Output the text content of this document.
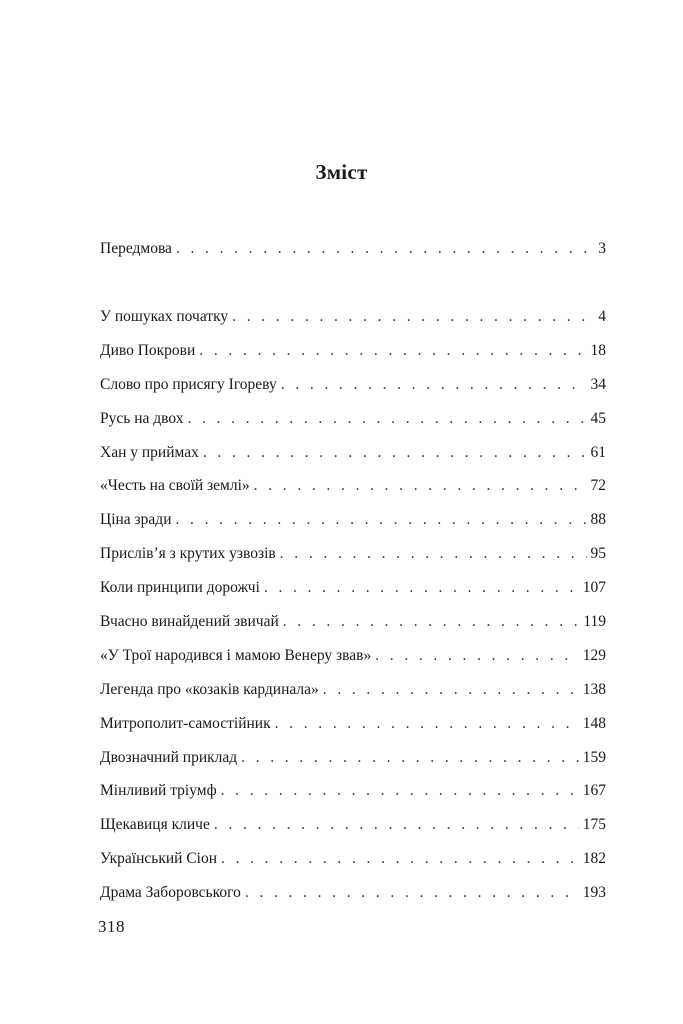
Зміст
Передмова . . .	3
У пошуках початку . . .	4
Диво Покрови . . .	18
Слово про присягу Ігореву . . .	34
Русь на двох . . .	45
Хан у приймах . . .	61
«Честь на своїй землі» . . .	72
Ціна зради . . .	88
Прислів’я з крутих узвозів . . .	95
Коли принципи дорожчі . . .	107
Вчасно винайдений звичай . . .	119
«У Трої народився і мамою Венеру звав» . . .	129
Легенда про «козаків кардинала» . . .	138
Митрополит-самостійник . . .	148
Двозначний приклад . . .	159
Мінливий тріумф . . .	167
Щекавиця кличе . . .	175
Український Сіон . . .	182
Драма Заборовського . . .	193
318
